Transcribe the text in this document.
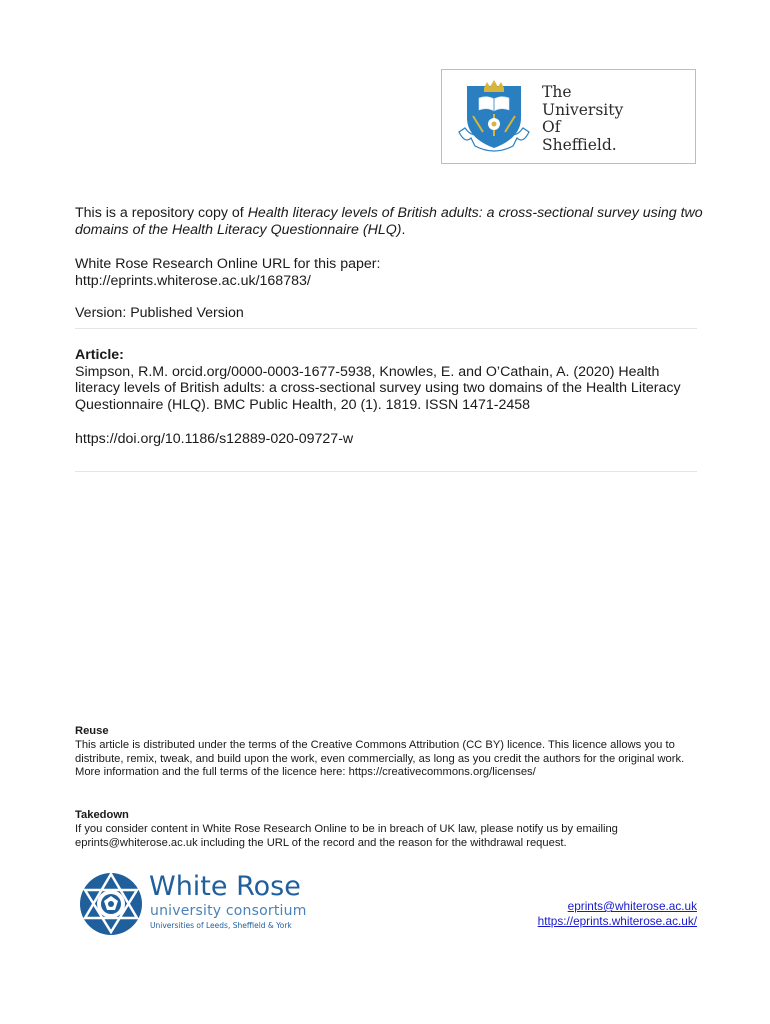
The
University
Of
Sheffield.
This is a repository copy of Health literacy levels of British adults: a cross-sectional survey using two domains of the Health Literacy Questionnaire (HLQ).
White Rose Research Online URL for this paper:
http://eprints.whiterose.ac.uk/168783/
Version: Published Version
Article:
Simpson, R.M. orcid.org/0000-0003-1677-5938, Knowles, E. and O’Cathain, A. (2020) Health literacy levels of British adults: a cross-sectional survey using two domains of the Health Literacy Questionnaire (HLQ). BMC Public Health, 20 (1). 1819. ISSN 1471-2458
https://doi.org/10.1186/s12889-020-09727-w
Reuse
This article is distributed under the terms of the Creative Commons Attribution (CC BY) licence. This licence allows you to distribute, remix, tweak, and build upon the work, even commercially, as long as you credit the authors for the original work. More information and the full terms of the licence here: https://creativecommons.org/licenses/
Takedown
If you consider content in White Rose Research Online to be in breach of UK law, please notify us by emailing eprints@whiterose.ac.uk including the URL of the record and the reason for the withdrawal request.
White Rose
university consortium
Universities of Leeds, Sheffield & York
eprints@whiterose.ac.uk
https://eprints.whiterose.ac.uk/
